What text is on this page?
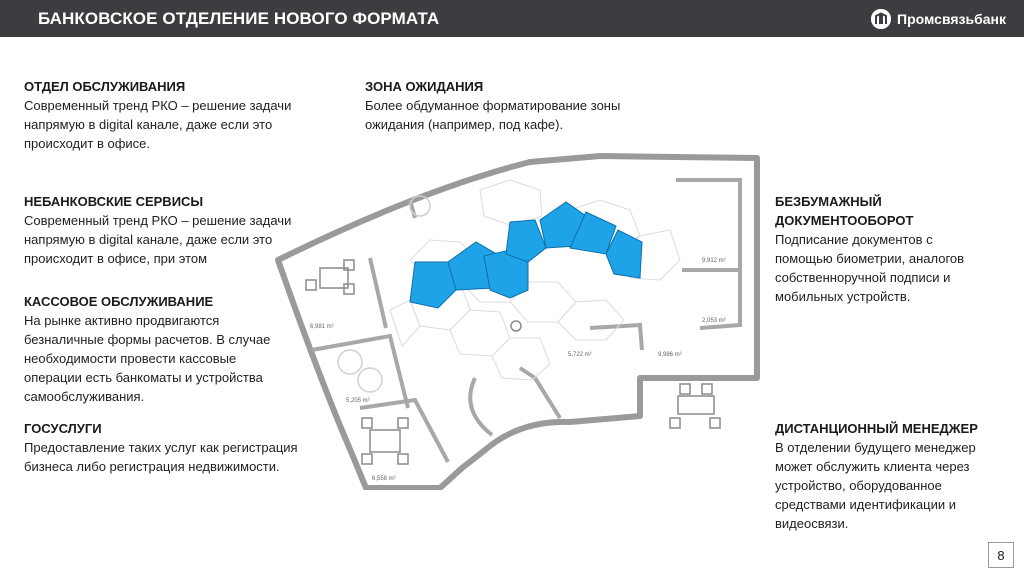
БАНКОВСКОЕ ОТДЕЛЕНИЕ НОВОГО ФОРМАТА	Промсвязьбанк
ОТДЕЛ ОБСЛУЖИВАНИЯ
Современный тренд РКО – решение задачи
напрямую в digital канале, даже если это
происходит в офисе.
НЕБАНКОВСКИЕ СЕРВИСЫ
Современный тренд РКО – решение задачи
напрямую в digital канале, даже если это
происходит в офисе, при этом
КАССОВОЕ ОБСЛУЖИВАНИЕ
На рынке активно продвигаются
безналичные формы расчетов. В случае
необходимости провести кассовые
операции есть банкоматы и устройства
самообслуживания.
ГОСУСЛУГИ
Предоставление таких услуг как регистрация
бизнеса либо регистрация недвижимости.
ЗОНА ОЖИДАНИЯ
Более обдуманное форматирование зоны
ожидания (например, под кафе).
БЕЗБУМАЖНЫЙ
ДОКУМЕНТООБОРОТ
Подписание документов с
помощью биометрии, аналогов
собственноручной подписи и
мобильных устройств.
ДИСТАНЦИОННЫЙ МЕНЕДЖЕР
В отделении будущего менеджер
может обслужить клиента через
устройство, оборудованное
средствами идентификации и
видеосвязи.
6,981 m²
5,205 m²
6,558 m²
5,722 m²	9,986 m²
9,912 m²
2,053 m²
8
